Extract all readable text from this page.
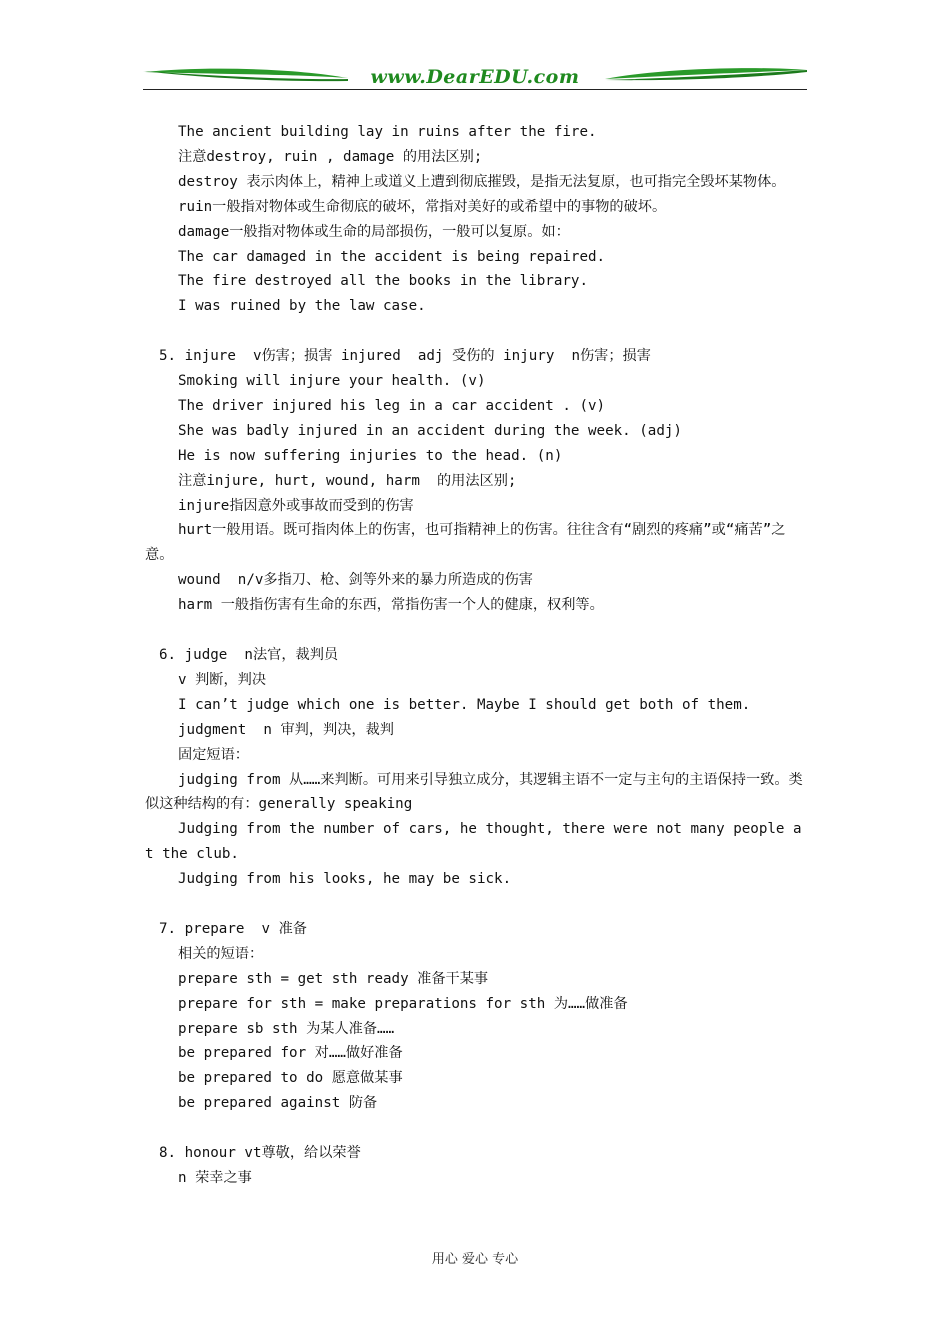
www.DearEDU.com
The ancient building lay in ruins after the fire.
注意destroy, ruin , damage 的用法区别;
destroy 表示肉体上，精神上或道义上遭到彻底摧毁，是指无法复原，也可指完全毁坏某物体。
ruin一般指对物体或生命彻底的破坏，常指对美好的或希望中的事物的破坏。
damage一般指对物体或生命的局部损伤，一般可以复原。如：
The car damaged in the accident is being repaired.
The fire destroyed all the books in the library.
I was ruined by the law case.
5. injure  v伤害；损害 injured  adj 受伤的 injury  n伤害；损害
Smoking will injure your health. (v)
The driver injured his leg in a car accident . (v)
She was badly injured in an accident during the week. (adj)
He is now suffering injuries to the head. (n)
注意injure, hurt, wound, harm  的用法区别;
injure指因意外或事故而受到的伤害
hurt一般用语。既可指肉体上的伤害，也可指精神上的伤害。往往含有“剧烈的疼痛”或“痛苦”之意。
wound  n/v多指刀、枪、剑等外来的暴力所造成的伤害
harm 一般指伤害有生命的东西，常指伤害一个人的健康，权利等。
6. judge  n法官，裁判员
v 判断，判决
I can’t judge which one is better. Maybe I should get both of them.
judgment  n 审判，判决，裁判
固定短语：
judging from 从……来判断。可用来引导独立成分，其逻辑主语不一定与主句的主语保持一致。类似这种结构的有：generally speaking
Judging from the number of cars, he thought, there were not many people at the club.
Judging from his looks, he may be sick.
7. prepare  v 准备
相关的短语：
prepare sth = get sth ready 准备干某事
prepare for sth = make preparations for sth 为……做准备
prepare sb sth 为某人准备……
be prepared for 对……做好准备
be prepared to do 愿意做某事
be prepared against 防备
8. honour vt尊敬，给以荣誉
n 荣幸之事
用心 爱心 专心
